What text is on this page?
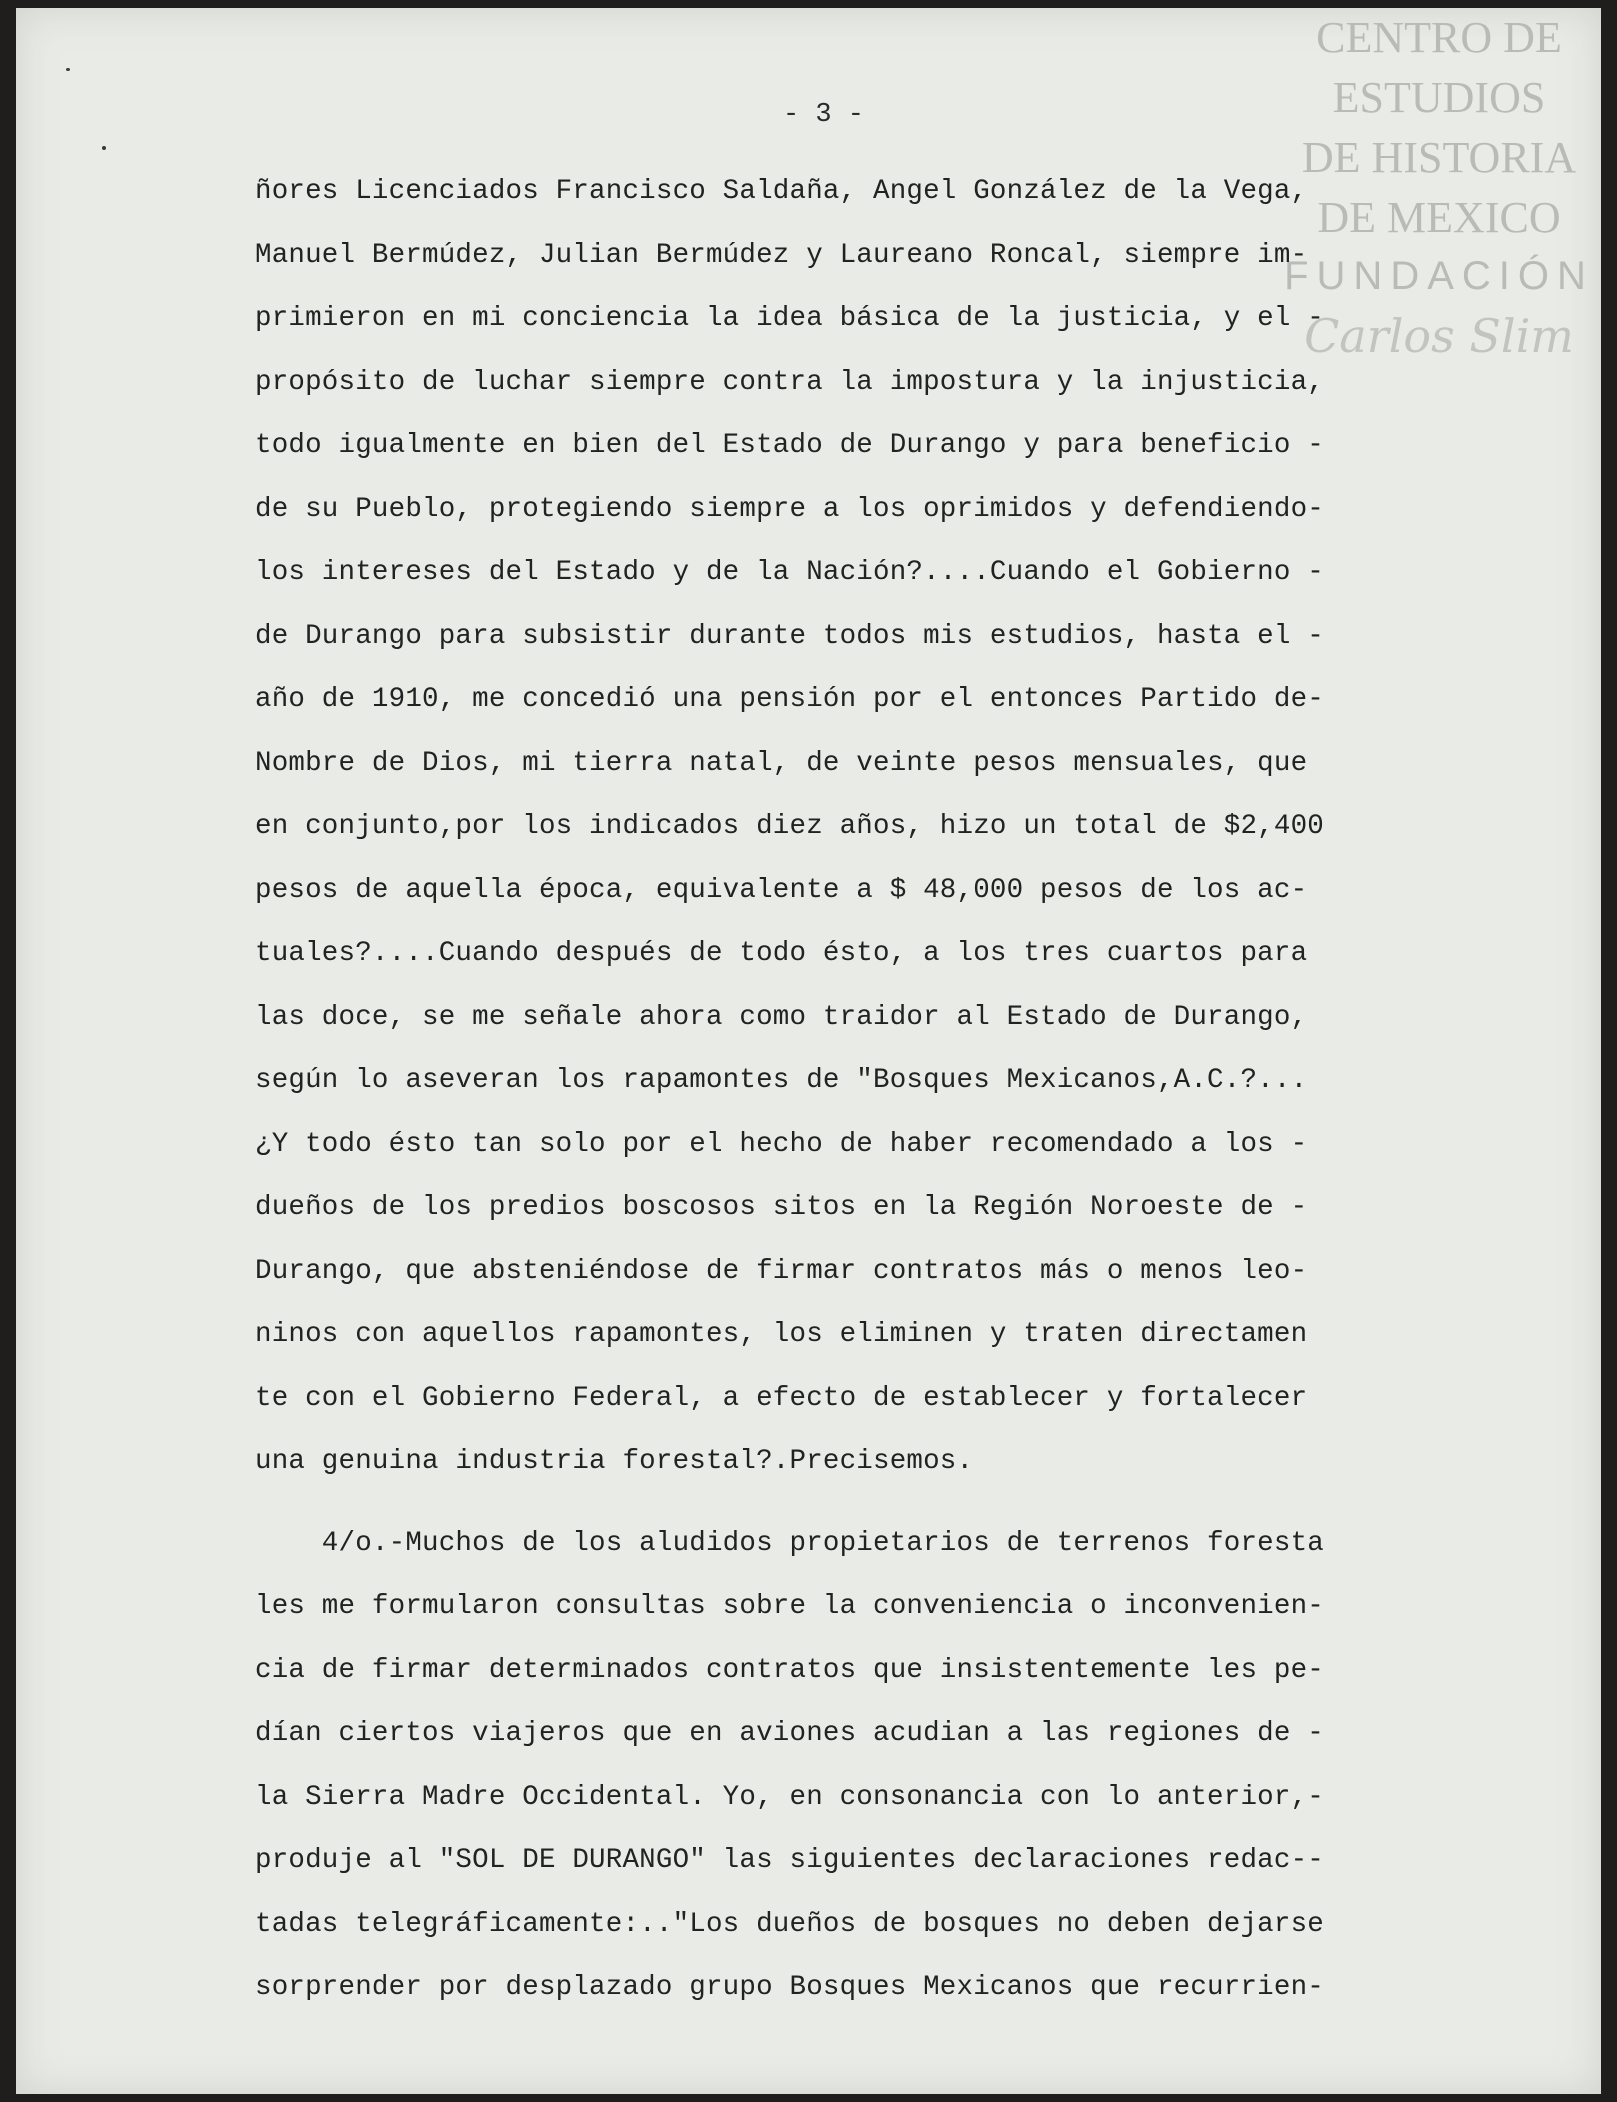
CENTRO DE
ESTUDIOS
DE HISTORIA
DE MEXICO
FUNDACIÓN
Carlos Slim
- 3 -
ñores Licenciados Francisco Saldaña, Angel González de la Vega,
Manuel Bermúdez, Julian Bermúdez y Laureano Roncal, siempre im-
primieron en mi conciencia la idea básica de la justicia, y el -
propósito de luchar siempre contra la impostura y la injusticia,
todo igualmente en bien del Estado de Durango y para beneficio -
de su Pueblo, protegiendo siempre a los oprimidos y defendiendo-
los intereses del Estado y de la Nación?....Cuando el Gobierno -
de Durango para subsistir durante todos mis estudios, hasta el -
año de 1910, me concedió una pensión por el entonces Partido de-
Nombre de Dios, mi tierra natal, de veinte pesos mensuales, que
en conjunto,por los indicados diez años, hizo un total de $2,400
pesos de aquella época, equivalente a $ 48,000 pesos de los ac-
tuales?....Cuando después de todo ésto, a los tres cuartos para
las doce, se me señale ahora como traidor al Estado de Durango,
según lo aseveran los rapamontes de "Bosques Mexicanos,A.C.?...
¿Y todo ésto tan solo por el hecho de haber recomendado a los -
dueños de los predios boscosos sitos en la Región Noroeste de -
Durango, que absteniéndose de firmar contratos más o menos leo-
ninos con aquellos rapamontes, los eliminen y traten directamen
te con el Gobierno Federal, a efecto de establecer y fortalecer
una genuina industria forestal?.Precisemos.
4/o.-Muchos de los aludidos propietarios de terrenos foresta
les me formularon consultas sobre la conveniencia o inconvenien-
cia de firmar determinados contratos que insistentemente les pe-
dían ciertos viajeros que en aviones acudian a las regiones de -
la Sierra Madre Occidental. Yo, en consonancia con lo anterior,-
produje al "SOL DE DURANGO" las siguientes declaraciones redac--
tadas telegráficamente:.."Los dueños de bosques no deben dejarse
sorprender por desplazado grupo Bosques Mexicanos que recurrien-
